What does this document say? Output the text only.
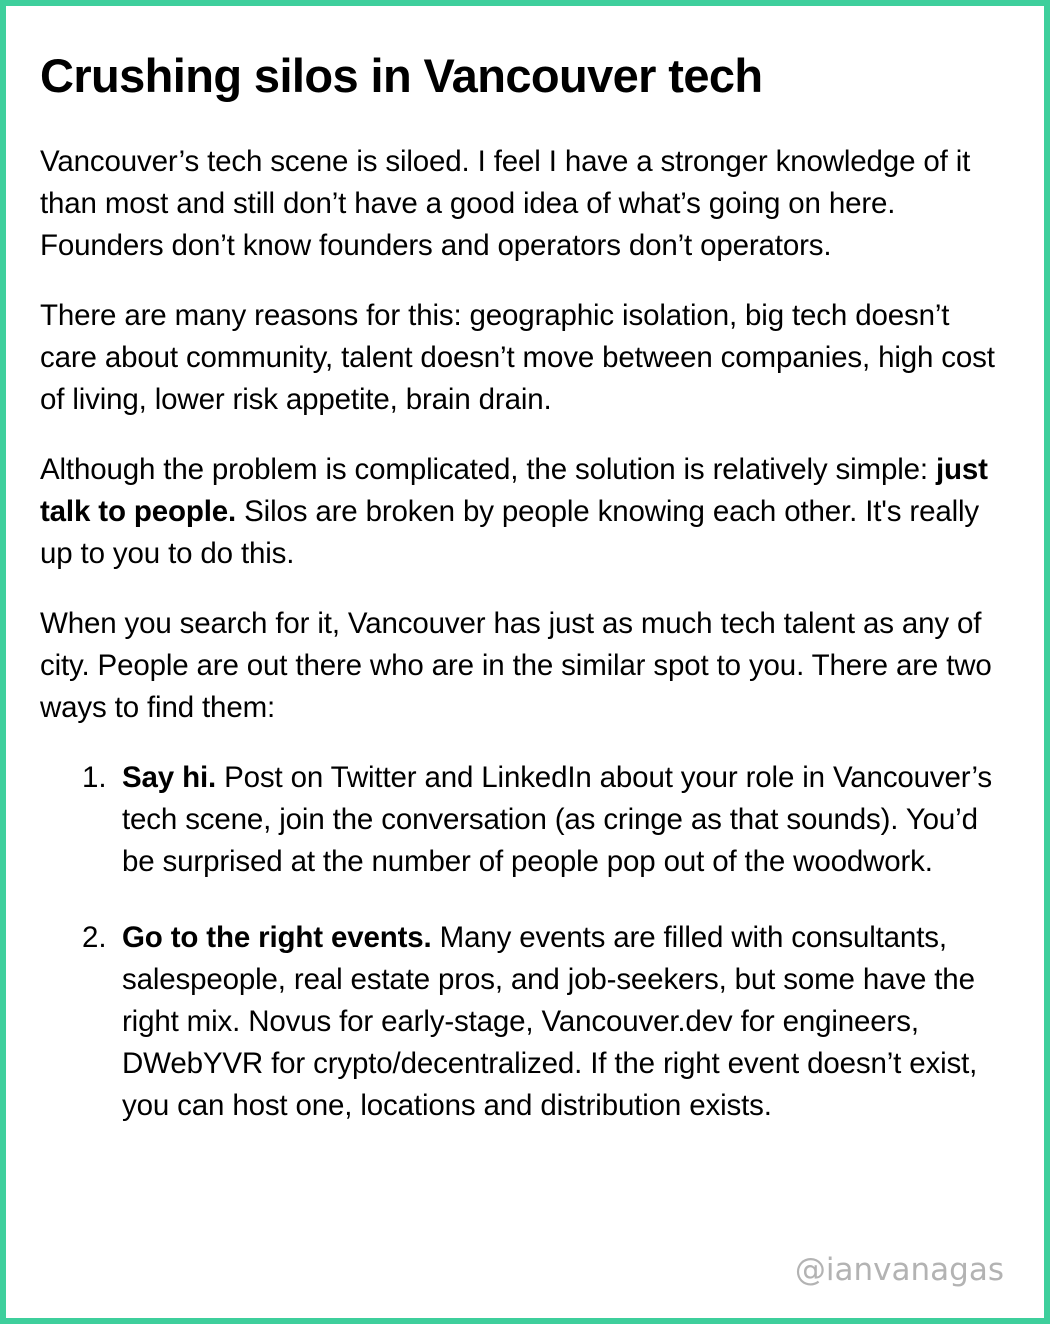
Crushing silos in Vancouver tech

Vancouver’s tech scene is siloed. I feel I have a stronger knowledge of it than most and still don’t have a good idea of what’s going on here. Founders don’t know founders and operators don’t operators.

There are many reasons for this: geographic isolation, big tech doesn’t care about community, talent doesn’t move between companies, high cost of living, lower risk appetite, brain drain.

Although the problem is complicated, the solution is relatively simple: just talk to people. Silos are broken by people knowing each other. It's really up to you to do this.

When you search for it, Vancouver has just as much tech talent as any of city. People are out there who are in the similar spot to you. There are two ways to find them:

1. Say hi. Post on Twitter and LinkedIn about your role in Vancouver’s tech scene, join the conversation (as cringe as that sounds). You’d be surprised at the number of people pop out of the woodwork.
2. Go to the right events. Many events are filled with consultants, salespeople, real estate pros, and job-seekers, but some have the right mix. Novus for early-stage, Vancouver.dev for engineers, DWebYVR for crypto/decentralized. If the right event doesn’t exist, you can host one, locations and distribution exists.
@ianvanagas
